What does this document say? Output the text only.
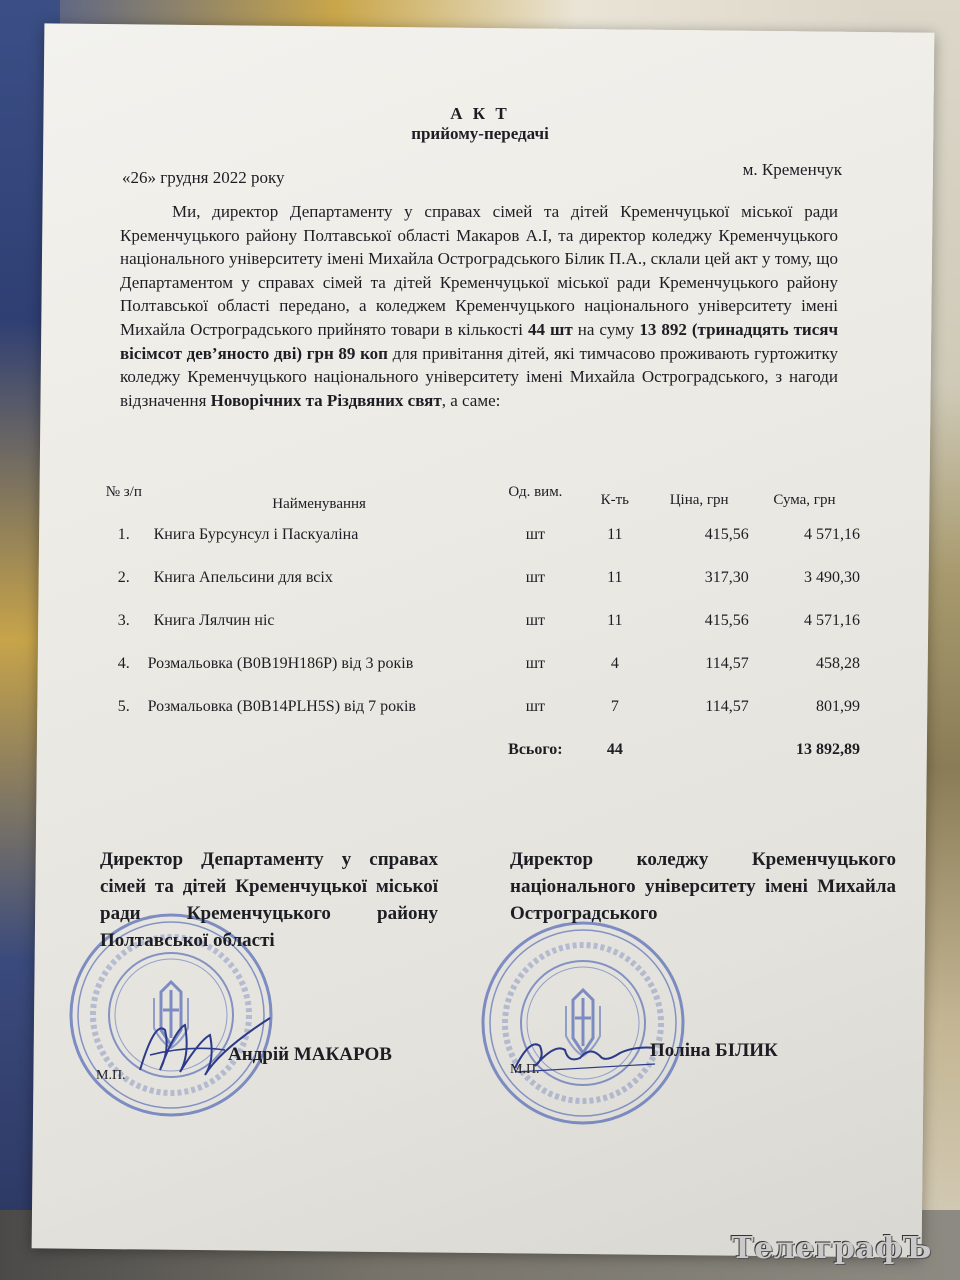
А К Т
прийому-передачі
«26» грудня 2022 року	м. Кременчук
Ми, директор Департаменту у справах сімей та дітей Кременчуцької міської ради Кременчуцького району Полтавської області Макаров А.І, та директор коледжу Кременчуцького національного університету імені Михайла Остроградського Білик П.А., склали цей акт у тому, що Департаментом у справах сімей та дітей Кременчуцької міської ради Кременчуцького району Полтавської області передано, а коледжем Кременчуцького національного університету імені Михайла Остроградського прийнято товари в кількості 44 шт на суму 13 892 (тринадцять тисяч вісімсот дев’яносто дві) грн 89 коп для привітання дітей, які тимчасово проживають гуртожитку коледжу Кременчуцького національного університету імені Михайла Остроградського, з нагоди відзначення Новорічних та Різдвяних свят, а саме:
№ з/п	Найменування	Од. вим.	К-ть	Ціна, грн	Сума, грн
1.	Книга Бурсунсул і Паскуаліна	шт	11	415,56	4 571,16
2.	Книга Апельсини для всіх	шт	11	317,30	3 490,30
3.	Книга Лялчин ніс	шт	11	415,56	4 571,16
4.	Розмальовка (B0B19H186P) від 3 років	шт	4	114,57	458,28
5.	Розмальовка (B0B14PLH5S) від 7 років	шт	7	114,57	801,99
		Всього:	44		13 892,89
Директор Департаменту у справах сімей та дітей Кременчуцької міської ради Кременчуцького району Полтавської області
Директор коледжу Кременчуцького національного університету імені Михайла Остроградського
Андрій МАКАРОВ	Поліна БІЛИК
М.П.	М.П.
ТелеграфЪ
